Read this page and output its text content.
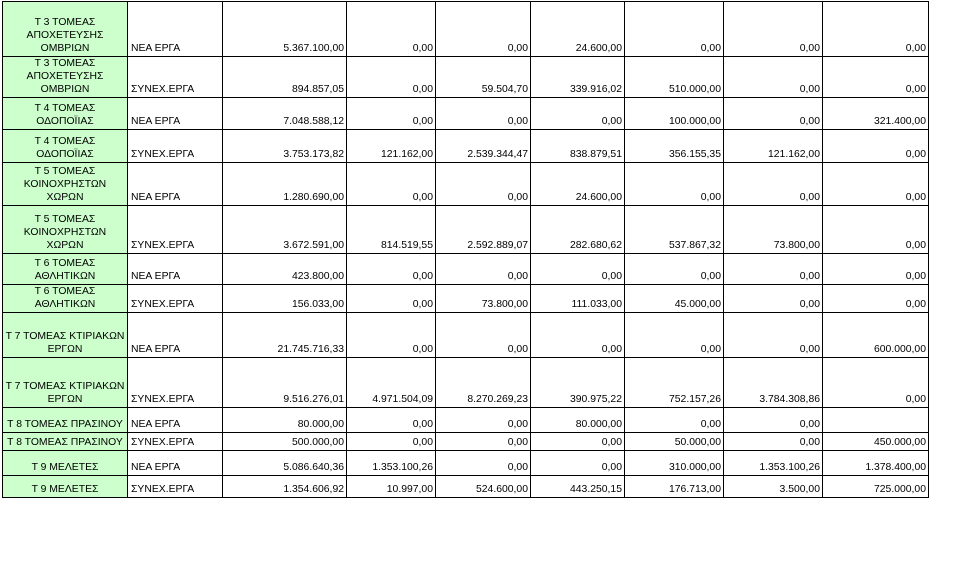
Τ 3 ΤΟΜΕΑΣ ΑΠΟΧΕΤΕΥΣΗΣ ΟΜΒΡΙΩΝ	ΝΕΑ ΕΡΓΑ	5.367.100,00	0,00	0,00	24.600,00	0,00	0,00	0,00
Τ 3 ΤΟΜΕΑΣ ΑΠΟΧΕΤΕΥΣΗΣ ΟΜΒΡΙΩΝ	ΣΥΝΕΧ.ΕΡΓΑ	894.857,05	0,00	59.504,70	339.916,02	510.000,00	0,00	0,00
Τ 4 ΤΟΜΕΑΣ ΟΔΟΠΟΪΙΑΣ	ΝΕΑ ΕΡΓΑ	7.048.588,12	0,00	0,00	0,00	100.000,00	0,00	321.400,00
Τ 4 ΤΟΜΕΑΣ ΟΔΟΠΟΪΙΑΣ	ΣΥΝΕΧ.ΕΡΓΑ	3.753.173,82	121.162,00	2.539.344,47	838.879,51	356.155,35	121.162,00	0,00
Τ 5 ΤΟΜΕΑΣ ΚΟΙΝΟΧΡΗΣΤΩΝ ΧΩΡΩΝ	ΝΕΑ ΕΡΓΑ	1.280.690,00	0,00	0,00	24.600,00	0,00	0,00	0,00
Τ 5 ΤΟΜΕΑΣ ΚΟΙΝΟΧΡΗΣΤΩΝ ΧΩΡΩΝ	ΣΥΝΕΧ.ΕΡΓΑ	3.672.591,00	814.519,55	2.592.889,07	282.680,62	537.867,32	73.800,00	0,00
Τ 6 ΤΟΜΕΑΣ ΑΘΛΗΤΙΚΩΝ	ΝΕΑ ΕΡΓΑ	423.800,00	0,00	0,00	0,00	0,00	0,00	0,00
Τ 6 ΤΟΜΕΑΣ ΑΘΛΗΤΙΚΩΝ	ΣΥΝΕΧ.ΕΡΓΑ	156.033,00	0,00	73.800,00	111.033,00	45.000,00	0,00	0,00
Τ 7 ΤΟΜΕΑΣ ΚΤΙΡΙΑΚΩΝ ΕΡΓΩΝ	ΝΕΑ ΕΡΓΑ	21.745.716,33	0,00	0,00	0,00	0,00	0,00	600.000,00
Τ 7 ΤΟΜΕΑΣ ΚΤΙΡΙΑΚΩΝ ΕΡΓΩΝ	ΣΥΝΕΧ.ΕΡΓΑ	9.516.276,01	4.971.504,09	8.270.269,23	390.975,22	752.157,26	3.784.308,86	0,00
Τ 8 ΤΟΜΕΑΣ ΠΡΑΣΙΝΟΥ	ΝΕΑ ΕΡΓΑ	80.000,00	0,00	0,00	80.000,00	0,00	0,00	
Τ 8 ΤΟΜΕΑΣ ΠΡΑΣΙΝΟΥ	ΣΥΝΕΧ.ΕΡΓΑ	500.000,00	0,00	0,00	0,00	50.000,00	0,00	450.000,00
Τ 9 ΜΕΛΕΤΕΣ	ΝΕΑ ΕΡΓΑ	5.086.640,36	1.353.100,26	0,00	0,00	310.000,00	1.353.100,26	1.378.400,00
Τ 9 ΜΕΛΕΤΕΣ	ΣΥΝΕΧ.ΕΡΓΑ	1.354.606,92	10.997,00	524.600,00	443.250,15	176.713,00	3.500,00	725.000,00
